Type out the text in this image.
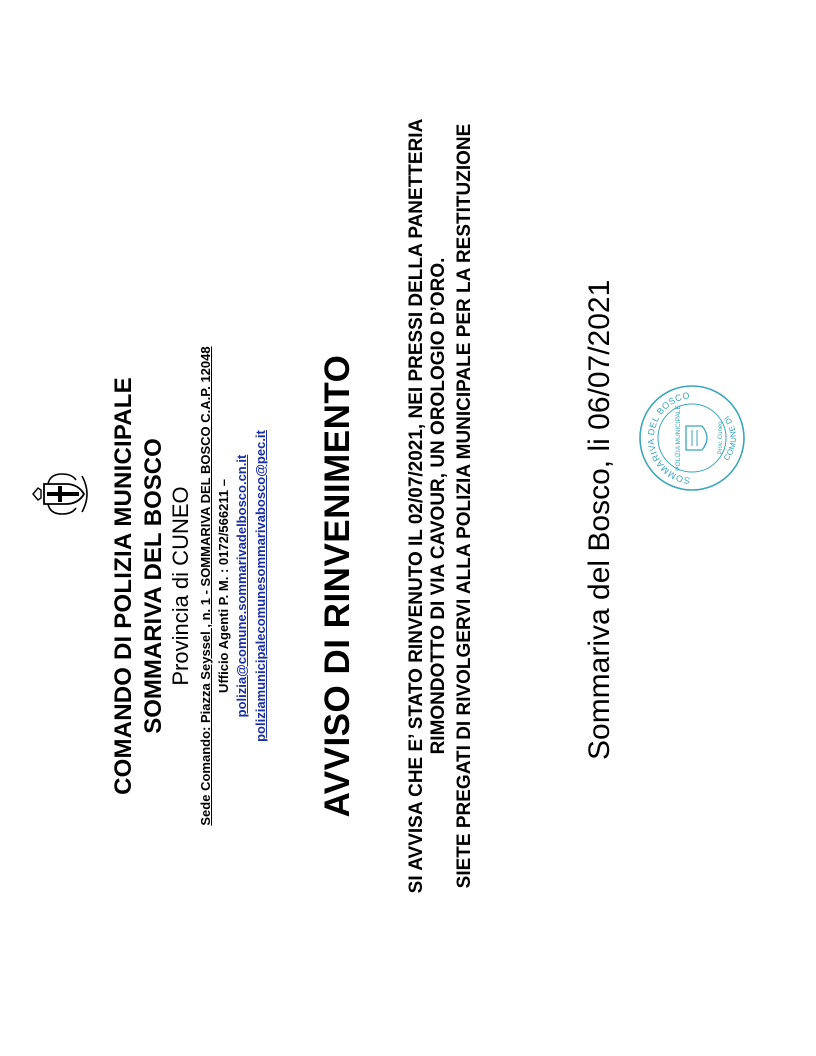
COMANDO DI POLIZIA MUNICIPALE SOMMARIVA DEL BOSCO Provincia di CUNEO Sede Comando: Piazza Seyssel , n. 1 - SOMMARIVA DEL BOSCO C.A.P. 12048 Ufficio Agenti P. M. : 0172/566211 – polizia@comune.sommarivadelbosco.cn.it poliziamunicipalecomunesommarivabosco@pec.it AVVISO DI RINVENIMENTO	SI AVVISA CHE E’ STATO RINVENUTO IL 02/07/2021, NEI PRESSI DELLA PANETTERIA RIMONDOTTO DI VIA CAVOUR, UN OROLOGIO D’ORO. SIETE PREGATI DI RIVOLGERVI ALLA POLIZIA MUNICIPALE PER LA RESTITUZIONE	Sommariva del Bosco, li 06/07/2021
SOMMARIVA DEL BOSCO
COMUNE DI
POLIZIA MUNICIPALE	Prov. Cuneo
